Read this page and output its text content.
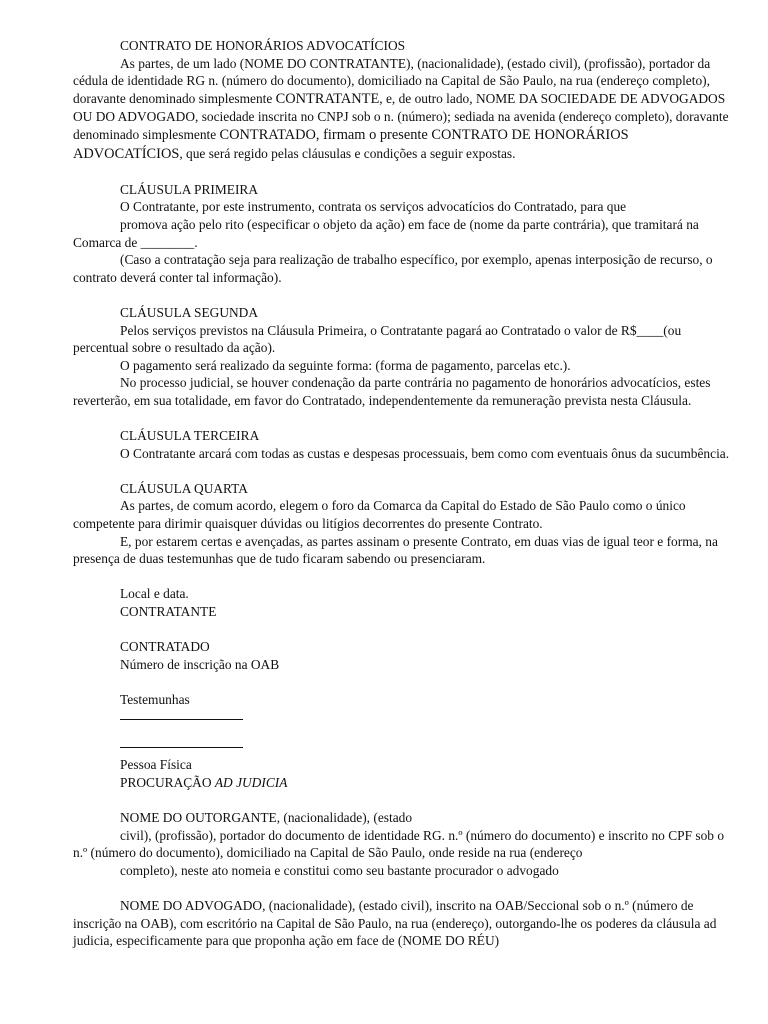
CONTRATO DE HONORÁRIOS ADVOCATÍCIOS

As partes, de um lado (NOME DO CONTRATANTE), (nacionalidade), (estado civil), (profissão), portador da cédula de identidade RG n. (número do documento), domiciliado na Capital de São Paulo, na rua (endereço completo), doravante denominado simplesmente CONTRATANTE, e, de outro lado, NOME DA SOCIEDADE DE ADVOGADOS OU DO ADVOGADO, sociedade inscrita no CNPJ sob o n. (número); sediada na avenida (endereço completo), doravante denominado simplesmente CONTRATADO, firmam o presente CONTRATO DE HONORÁRIOS ADVOCATÍCIOS, que será regido pelas cláusulas e condições a seguir expostas.

CLÁUSULA PRIMEIRA

O Contratante, por este instrumento, contrata os serviços advocatícios do Contratado, para que

promova ação pelo rito (especificar o objeto da ação) em face de (nome da parte contrária), que tramitará na Comarca de ________.

(Caso a contratação seja para realização de trabalho específico, por exemplo, apenas interposição de recurso, o contrato deverá conter tal informação).

CLÁUSULA SEGUNDA

Pelos serviços previstos na Cláusula Primeira, o Contratante pagará ao Contratado o valor de R$____(ou percentual sobre o resultado da ação).

O pagamento será realizado da seguinte forma: (forma de pagamento, parcelas etc.).

No processo judicial, se houver condenação da parte contrária no pagamento de honorários advocatícios, estes reverterão, em sua totalidade, em favor do Contratado, independentemente da remuneração prevista nesta Cláusula.

CLÁUSULA TERCEIRA

O Contratante arcará com todas as custas e despesas processuais, bem como com eventuais ônus da sucumbência.

CLÁUSULA QUARTA

As partes, de comum acordo, elegem o foro da Comarca da Capital do Estado de São Paulo como o único competente para dirimir quaisquer dúvidas ou litígios decorrentes do presente Contrato.

E, por estarem certas e avençadas, as partes assinam o presente Contrato, em duas vias de igual teor e forma, na presença de duas testemunhas que de tudo ficaram sabendo ou presenciaram.

Local e data.

CONTRATANTE

CONTRATADO

Número de inscrição na OAB

Testemunhas

Pessoa Física

PROCURAÇÃO AD JUDICIA

NOME DO OUTORGANTE, (nacionalidade), (estado

civil), (profissão), portador do documento de identidade RG. n.º (número do documento) e inscrito no CPF sob o n.º (número do documento), domiciliado na Capital de São Paulo, onde reside na rua (endereço

completo), neste ato nomeia e constitui como seu bastante procurador o advogado

NOME DO ADVOGADO, (nacionalidade), (estado civil), inscrito na OAB/Seccional sob o n.º (número de inscrição na OAB), com escritório na Capital de São Paulo, na rua (endereço), outorgando-lhe os poderes da cláusula ad judicia, especificamente para que proponha ação em face de (NOME DO RÉU)
